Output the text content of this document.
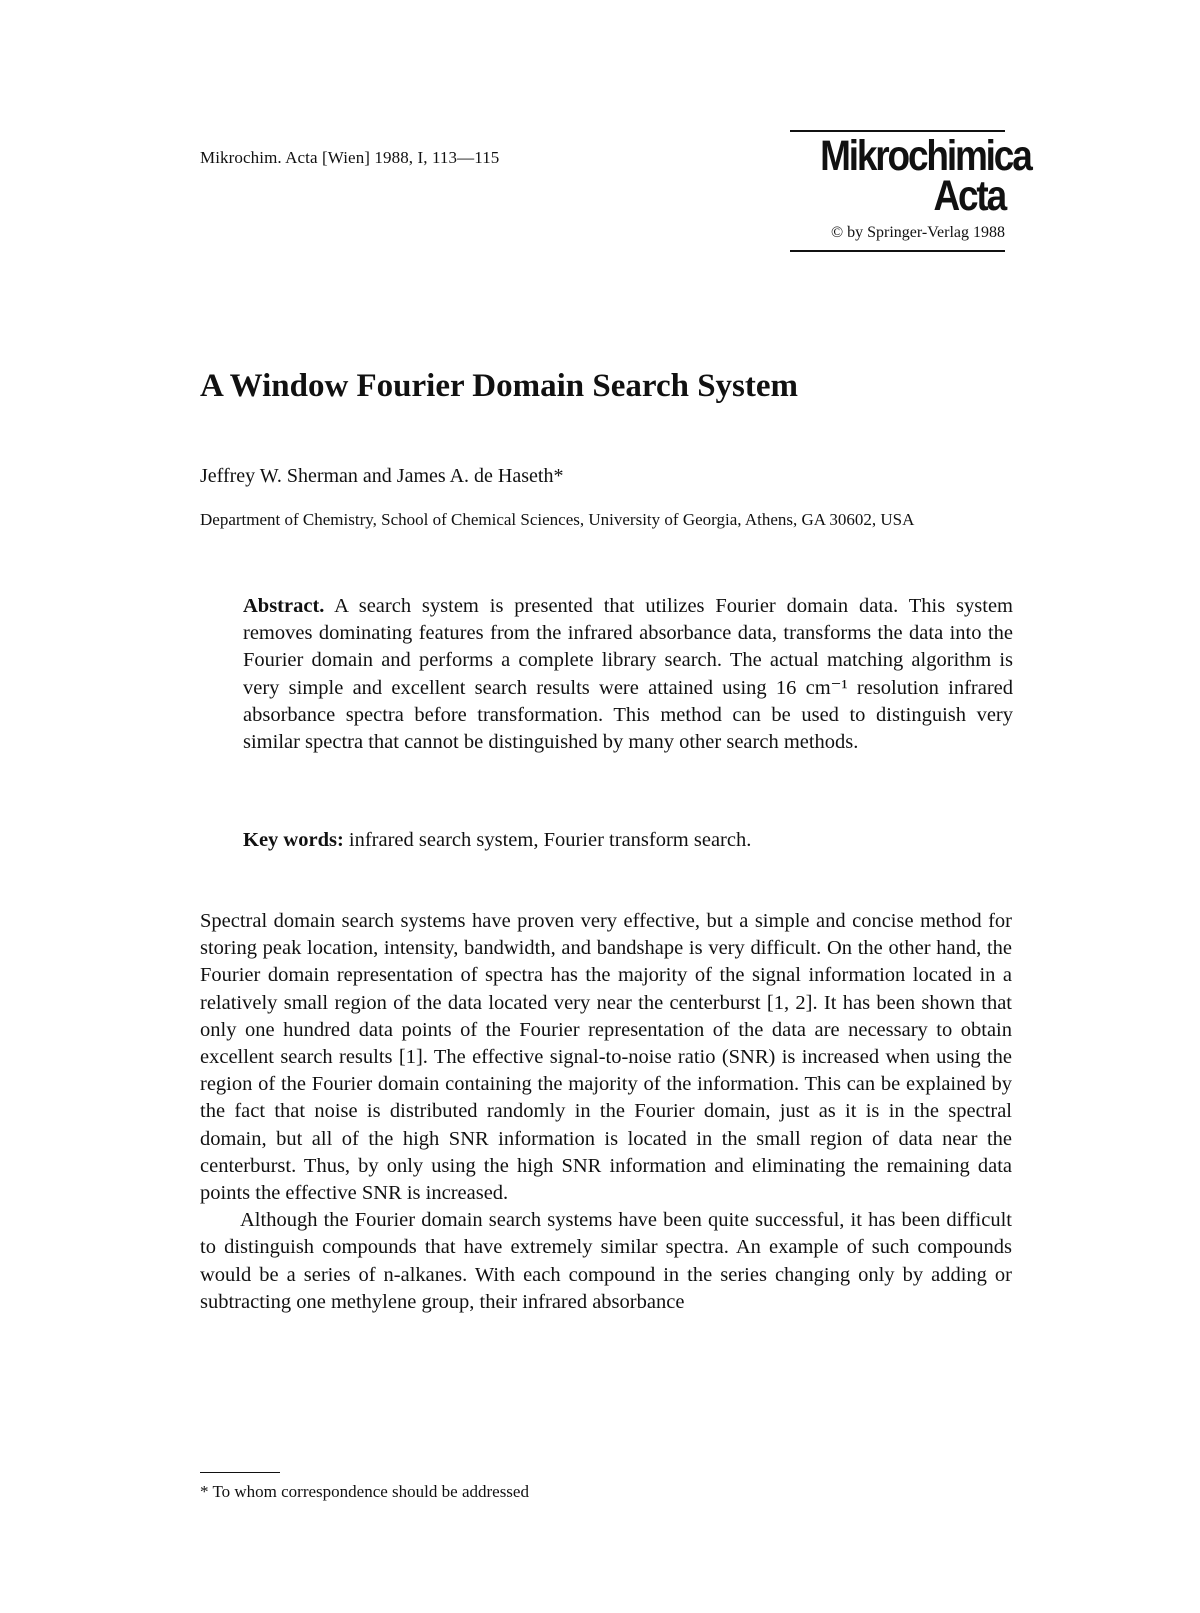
Mikrochim. Acta [Wien] 1988, I, 113—115	Mikrochimica
Acta
© by Springer-Verlag 1988
A Window Fourier Domain Search System
Jeffrey W. Sherman and James A. de Haseth*
Department of Chemistry, School of Chemical Sciences, University of Georgia, Athens, GA 30602, USA

Abstract. A search system is presented that utilizes Fourier domain data. This system removes dominating features from the infrared absorbance data, transforms the data into the Fourier domain and performs a complete library search. The actual matching algorithm is very simple and excellent search results were attained using 16 cm⁻¹ resolution infrared absorbance spectra before transformation. This method can be used to distinguish very similar spectra that cannot be distinguished by many other search methods.

Key words: infrared search system, Fourier transform search.

Spectral domain search systems have proven very effective, but a simple and concise method for storing peak location, intensity, bandwidth, and bandshape is very difficult. On the other hand, the Fourier domain representation of spectra has the majority of the signal information located in a relatively small region of the data located very near the centerburst [1, 2]. It has been shown that only one hundred data points of the Fourier representation of the data are necessary to obtain excellent search results [1]. The effective signal-to-noise ratio (SNR) is increased when using the region of the Fourier domain containing the majority of the information. This can be explained by the fact that noise is distributed randomly in the Fourier domain, just as it is in the spectral domain, but all of the high SNR information is located in the small region of data near the centerburst. Thus, by only using the high SNR information and eliminating the remaining data points the effective SNR is increased.

Although the Fourier domain search systems have been quite successful, it has been difficult to distinguish compounds that have extremely similar spectra. An example of such compounds would be a series of n-alkanes. With each compound in the series changing only by adding or subtracting one methylene group, their infrared absorbance

* To whom correspondence should be addressed
